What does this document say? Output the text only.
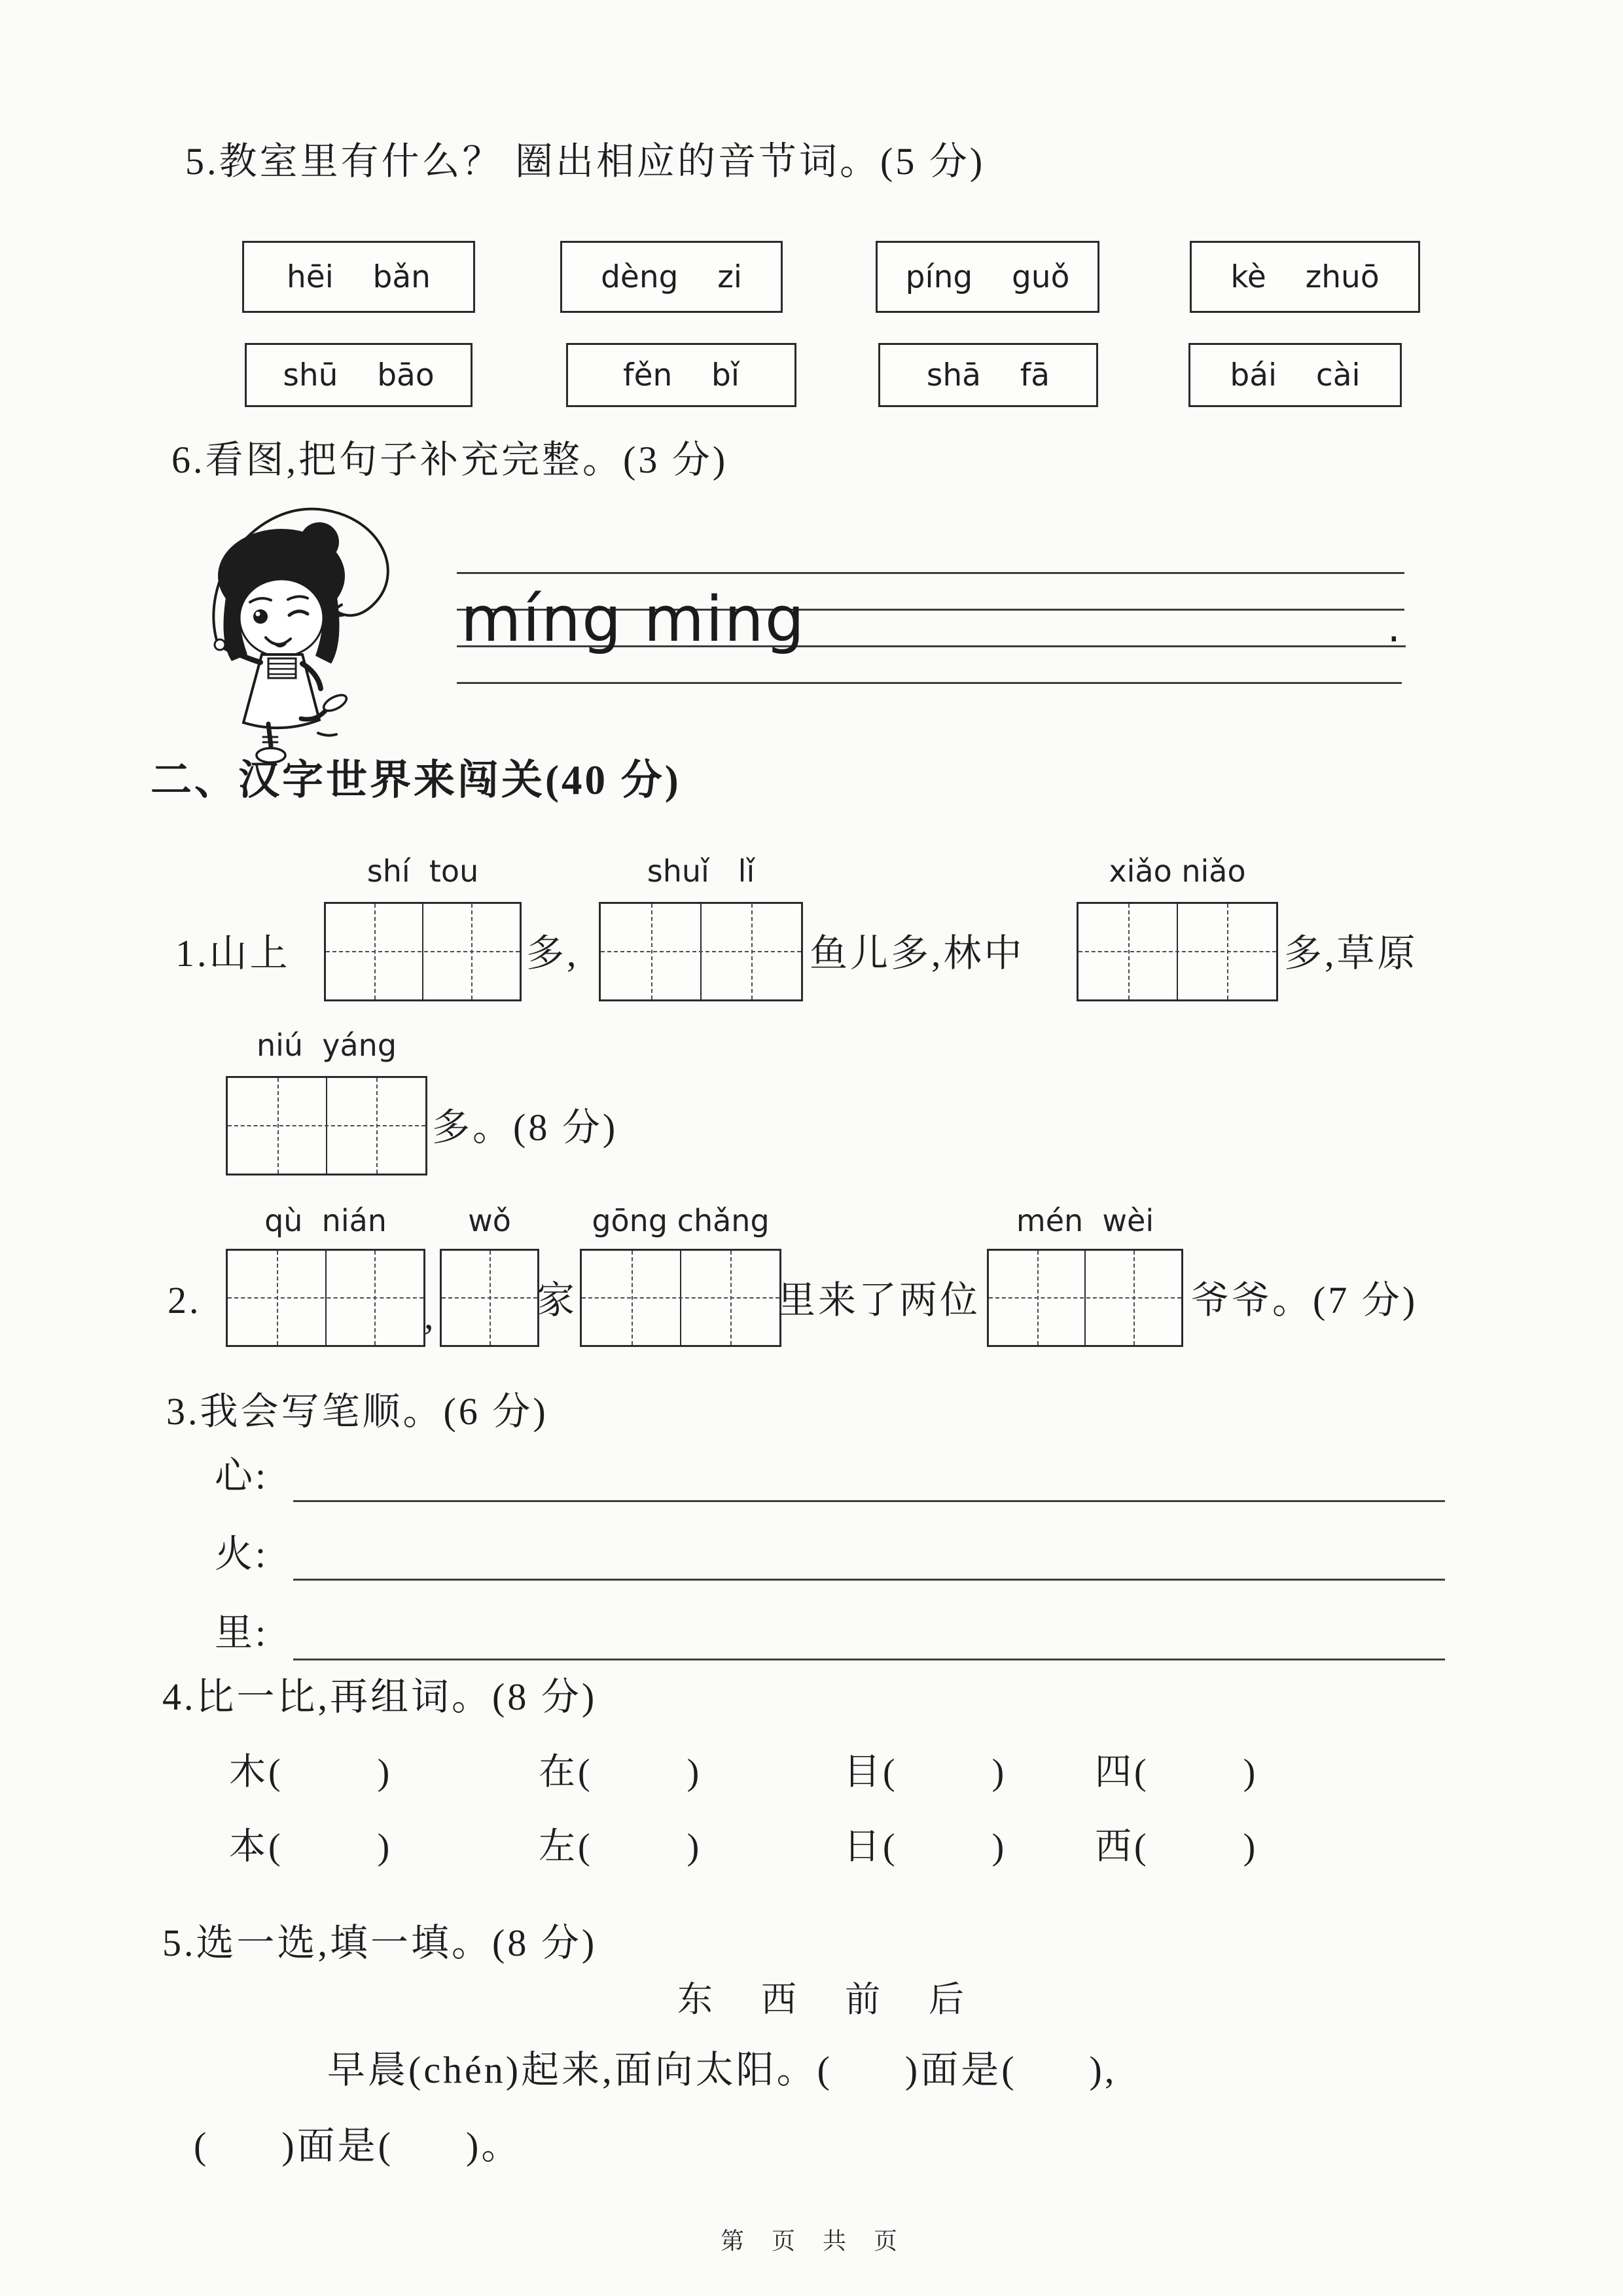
5.教室里有什么？ 圈出相应的音节词。(5 分)
hēi    bǎn	dèng    zi	píng    guǒ	kè    zhuō
shū    bāo	fěn    bǐ	shā    fā	bái    cài
6.看图,把句子补充完整。(3 分)
míng ming	.
二、汉字世界来闯关(40 分)
shí  tou	shuǐ   lǐ	xiǎo niǎo
1.山上	多,	鱼儿多,林中	多,草原
niú  yáng
多。(8 分)
qù  nián	wǒ	gōng chǎng	mén  wèi
2.	,	家	里来了两位	爷爷。(7 分)
3.我会写笔顺。(6 分)
心:
火:
里:
4.比一比,再组词。(8 分)
木(        )	在(        )	目(        ) 四(        )
本(        )	左(        )	日(        ) 西(        )
5.选一选,填一填。(8 分)
东    西    前    后
早晨(chén)起来,面向太阳。(      )面是(      ),
(      )面是(      )。
第  页  共  页
